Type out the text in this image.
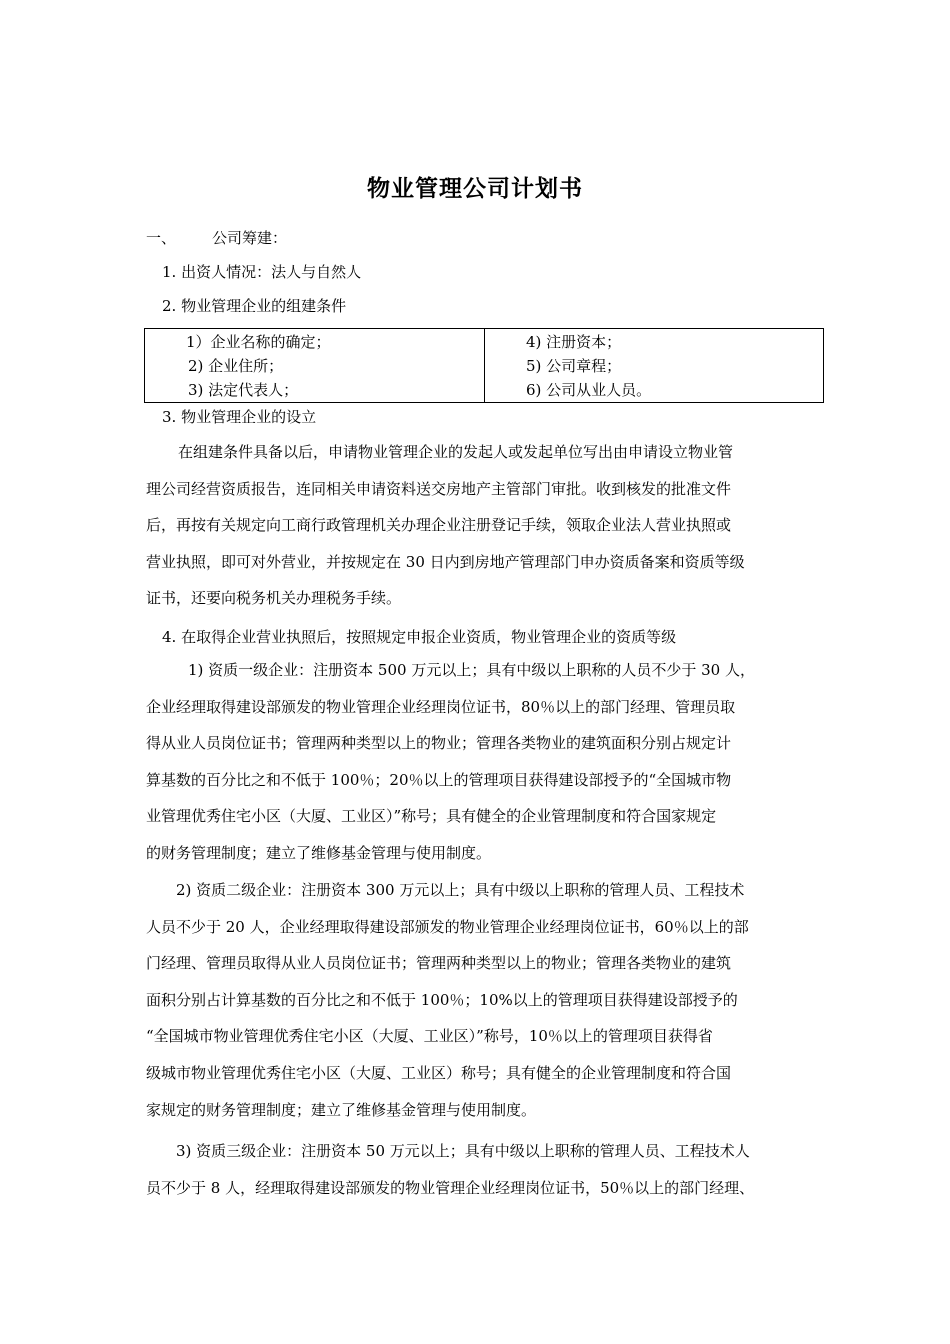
物业管理公司计划书
一、 公司筹建：
1. 出资人情况：法人与自然人
2. 物业管理企业的组建条件
1）企业名称的确定；
2) 企业住所；
3) 法定代表人；
4) 注册资本；
5) 公司章程；
6) 公司从业人员。
3. 物业管理企业的设立
在组建条件具备以后，申请物业管理企业的发起人或发起单位写出由申请设立物业管
理公司经营资质报告，连同相关申请资料送交房地产主管部门审批。收到核发的批准文件
后，再按有关规定向工商行政管理机关办理企业注册登记手续，领取企业法人营业执照或
营业执照，即可对外营业，并按规定在 30 日内到房地产管理部门申办资质备案和资质等级
证书，还要向税务机关办理税务手续。
4. 在取得企业营业执照后，按照规定申报企业资质，物业管理企业的资质等级
1) 资质一级企业：注册资本 500 万元以上；具有中级以上职称的人员不少于 30 人，
企业经理取得建设部颁发的物业管理企业经理岗位证书，80％以上的部门经理、管理员取
得从业人员岗位证书；管理两种类型以上的物业；管理各类物业的建筑面积分别占规定计
算基数的百分比之和不低于 100％；20％以上的管理项目获得建设部授予的“全国城市物
业管理优秀住宅小区（大厦、工业区）”称号；具有健全的企业管理制度和符合国家规定
的财务管理制度；建立了维修基金管理与使用制度。
2) 资质二级企业：注册资本 300 万元以上；具有中级以上职称的管理人员、工程技术
人员不少于 20 人，企业经理取得建设部颁发的物业管理企业经理岗位证书，60％以上的部
门经理、管理员取得从业人员岗位证书；管理两种类型以上的物业；管理各类物业的建筑
面积分别占计算基数的百分比之和不低于 100％；10%以上的管理项目获得建设部授予的
“全国城市物业管理优秀住宅小区（大厦、工业区）”称号，10％以上的管理项目获得省
级城市物业管理优秀住宅小区（大厦、工业区）称号；具有健全的企业管理制度和符合国
家规定的财务管理制度；建立了维修基金管理与使用制度。
3) 资质三级企业：注册资本 50 万元以上；具有中级以上职称的管理人员、工程技术人
员不少于 8 人，经理取得建设部颁发的物业管理企业经理岗位证书，50％以上的部门经理、
